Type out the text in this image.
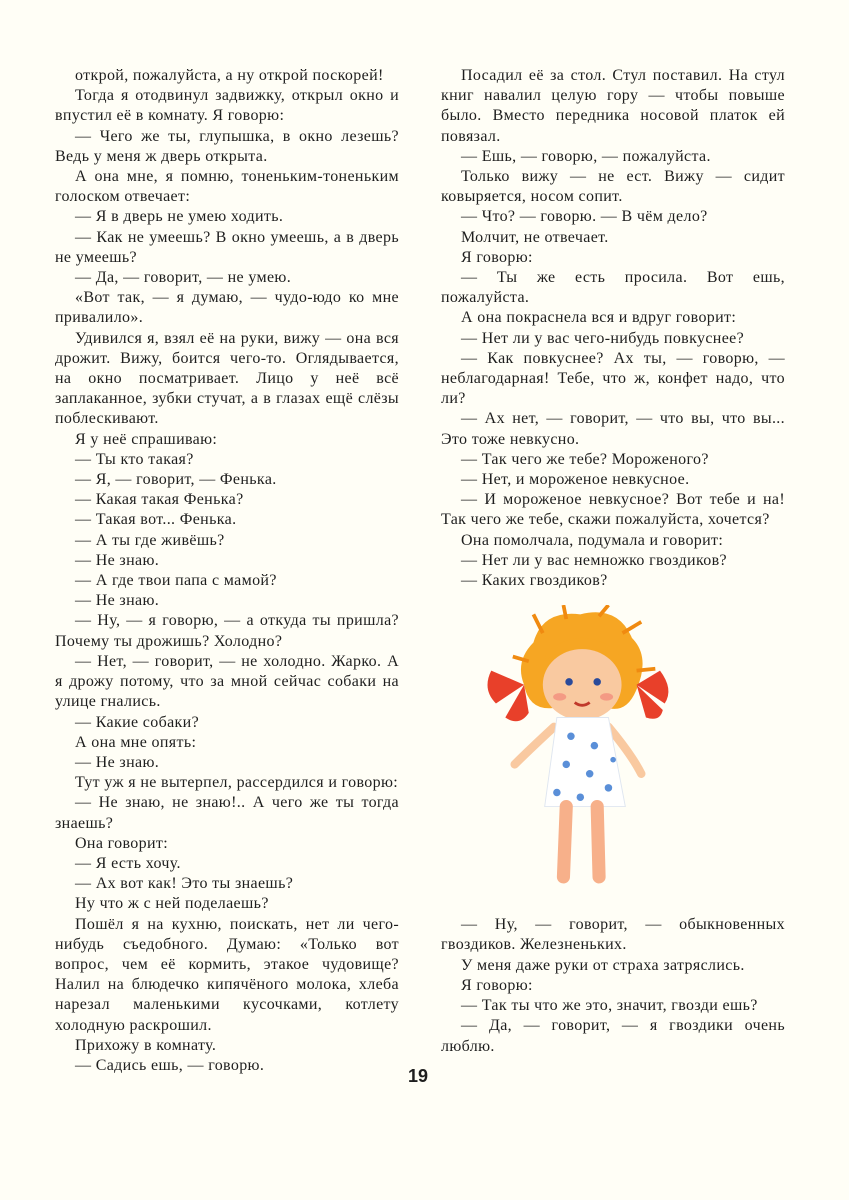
открой, пожалуйста, а ну открой поскорей!

Тогда я отодвинул задвижку, открыл окно и впустил её в комнату. Я говорю:

— Чего же ты, глупышка, в окно лезешь? Ведь у меня ж дверь открыта.

А она мне, я помню, тоненьким-тоненьким голоском отвечает:

— Я в дверь не умею ходить.

— Как не умеешь? В окно умеешь, а в дверь не умеешь?

— Да, — говорит, — не умею.

«Вот так, — я думаю, — чудо-юдо ко мне привалило».

Удивился я, взял её на руки, вижу — она вся дрожит. Вижу, боится чего-то. Оглядывается, на окно посматривает. Лицо у неё всё заплаканное, зубки стучат, а в глазах ещё слёзы поблескивают.

Я у неё спрашиваю:

— Ты кто такая?

— Я, — говорит, — Фенька.

— Какая такая Фенька?

— Такая вот... Фенька.

— А ты где живёшь?

— Не знаю.

— А где твои папа с мамой?

— Не знаю.

— Ну, — я говорю, — а откуда ты пришла? Почему ты дрожишь? Холодно?

— Нет, — говорит, — не холодно. Жарко. А я дрожу потому, что за мной сейчас собаки на улице гнались.

— Какие собаки?

А она мне опять:

— Не знаю.

Тут уж я не вытерпел, рассердился и говорю:

— Не знаю, не знаю!.. А чего же ты тогда знаешь?

Она говорит:

— Я есть хочу.

— Ах вот как! Это ты знаешь?

Ну что ж с ней поделаешь?

Пошёл я на кухню, поискать, нет ли чего-нибудь съедобного. Думаю: «Только вот вопрос, чем её кормить, этакое чудовище? Налил на блюдечко кипячёного молока, хлеба нарезал маленькими кусочками, котлету холодную раскрошил.

Прихожу в комнату.

— Садись ешь, — говорю.

Посадил её за стол. Стул поставил. На стул книг навалил целую гору — чтобы повыше было. Вместо передника носовой платок ей повязал.

— Ешь, — говорю, — пожалуйста.

Только вижу — не ест. Вижу — сидит ковыряется, носом сопит.

— Что? — говорю. — В чём дело?

Молчит, не отвечает.

Я говорю:

— Ты же есть просила. Вот ешь, пожалуйста.

А она покраснела вся и вдруг говорит:

— Нет ли у вас чего-нибудь повкуснее?

— Как повкуснее? Ах ты, — говорю, — неблагодарная! Тебе, что ж, конфет надо, что ли?

— Ах нет, — говорит, — что вы, что вы... Это тоже невкусно.

— Так чего же тебе? Мороженого?

— Нет, и мороженое невкусное.

— И мороженое невкусное? Вот тебе и на! Так чего же тебе, скажи пожалуйста, хочется?

Она помолчала, подумала и говорит:

— Нет ли у вас немножко гвоздиков?

— Каких гвоздиков?

— Ну, — говорит, — обыкновенных гвоздиков. Железненьких.

У меня даже руки от страха затряслись.

Я говорю:

— Так ты что же это, значит, гвозди ешь?

— Да, — говорит, — я гвоздики очень люблю.

19
